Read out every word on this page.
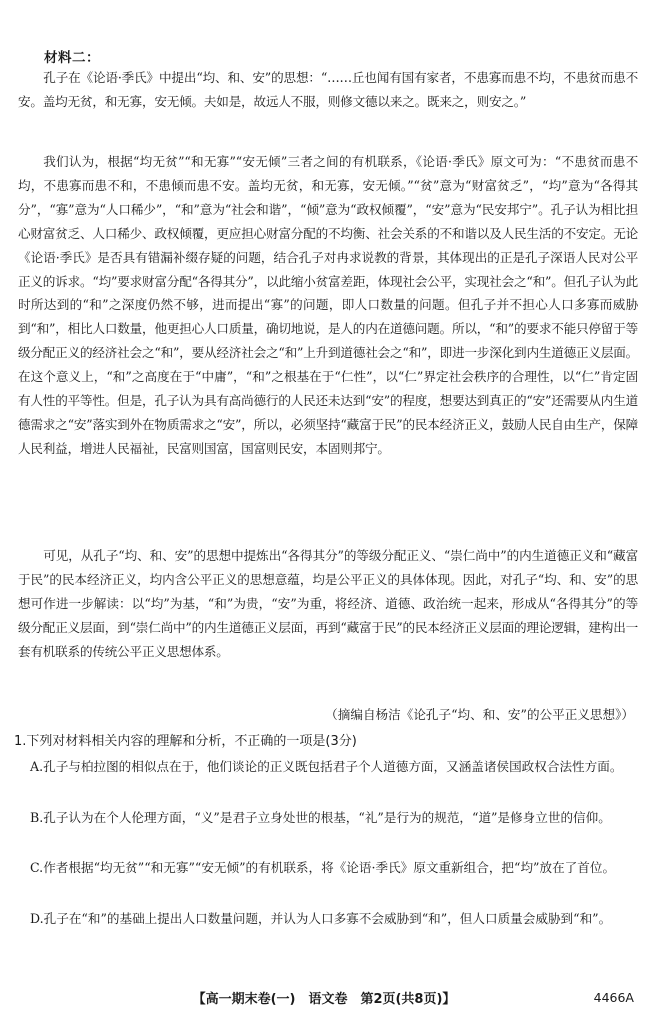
材料二：

孔子在《论语·季氏》中提出“均、和、安”的思想：“……丘也闻有国有家者，不患寡而患不均，不患贫而患不安。盖均无贫，和无寡，安无倾。夫如是，故远人不服，则修文德以来之。既来之，则安之。”

我们认为，根据“均无贫”“和无寡”“安无倾”三者之间的有机联系，《论语·季氏》原文可为：“不患贫而患不均，不患寡而患不和，不患倾而患不安。盖均无贫，和无寡，安无倾。”“贫”意为“财富贫乏”，“均”意为“各得其分”，“寡”意为“人口稀少”，“和”意为“社会和谐”，“倾”意为“政权倾覆”，“安”意为“民安邦宁”。孔子认为相比担心财富贫乏、人口稀少、政权倾覆，更应担心财富分配的不均衡、社会关系的不和谐以及人民生活的不安定。无论《论语·季氏》是否具有错漏补缀存疑的问题，结合孔子对冉求说教的背景，其体现出的正是孔子深语人民对公平正义的诉求。“均”要求财富分配“各得其分”，以此缩小贫富差距，体现社会公平，实现社会之“和”。但孔子认为此时所达到的“和”之深度仍然不够，进而提出“寡”的问题，即人口数量的问题。但孔子并不担心人口多寡而威胁到“和”，相比人口数量，他更担心人口质量，确切地说，是人的内在道德问题。所以，“和”的要求不能只停留于等级分配正义的经济社会之“和”，要从经济社会之“和”上升到道德社会之“和”，即进一步深化到内生道德正义层面。在这个意义上，“和”之高度在于“中庸”，“和”之根基在于“仁性”，以“仁”界定社会秩序的合理性，以“仁”肯定固有人性的平等性。但是，孔子认为具有高尚德行的人民还未达到“安”的程度，想要达到真正的“安”还需要从内生道德需求之“安”落实到外在物质需求之“安”，所以，必须坚持“藏富于民”的民本经济正义，鼓励人民自由生产，保障人民利益，增进人民福祉，民富则国富，国富则民安，本固则邦宁。

可见，从孔子“均、和、安”的思想中提炼出“各得其分”的等级分配正义、“崇仁尚中”的内生道德正义和“藏富于民”的民本经济正义，均内含公平正义的思想意蕴，均是公平正义的具体体现。因此，对孔子“均、和、安”的思想可作进一步解读：以“均”为基，“和”为贵，“安”为重，将经济、道德、政治统一起来，形成从“各得其分”的等级分配正义层面，到“崇仁尚中”的内生道德正义层面，再到“藏富于民”的民本经济正义层面的理论逻辑，建构出一套有机联系的传统公平正义思想体系。

（摘编自杨洁《论孔子“均、和、安”的公平正义思想》）
1.下列对材料相关内容的理解和分析，不正确的一项是(3分)

A.孔子与柏拉图的相似点在于，他们谈论的正义既包括君子个人道德方面，又涵盖诸侯国政权合法性方面。

B.孔子认为在个人伦理方面，“义”是君子立身处世的根基，“礼”是行为的规范，“道”是修身立世的信仰。

C.作者根据“均无贫”“和无寡”“安无倾”的有机联系，将《论语·季氏》原文重新组合，把“均”放在了首位。

D.孔子在“和”的基础上提出人口数量问题，并认为人口多寡不会威胁到“和”，但人口质量会威胁到“和”。

【高一期末卷(一)　语文卷　第2页(共8页)】	4466A
